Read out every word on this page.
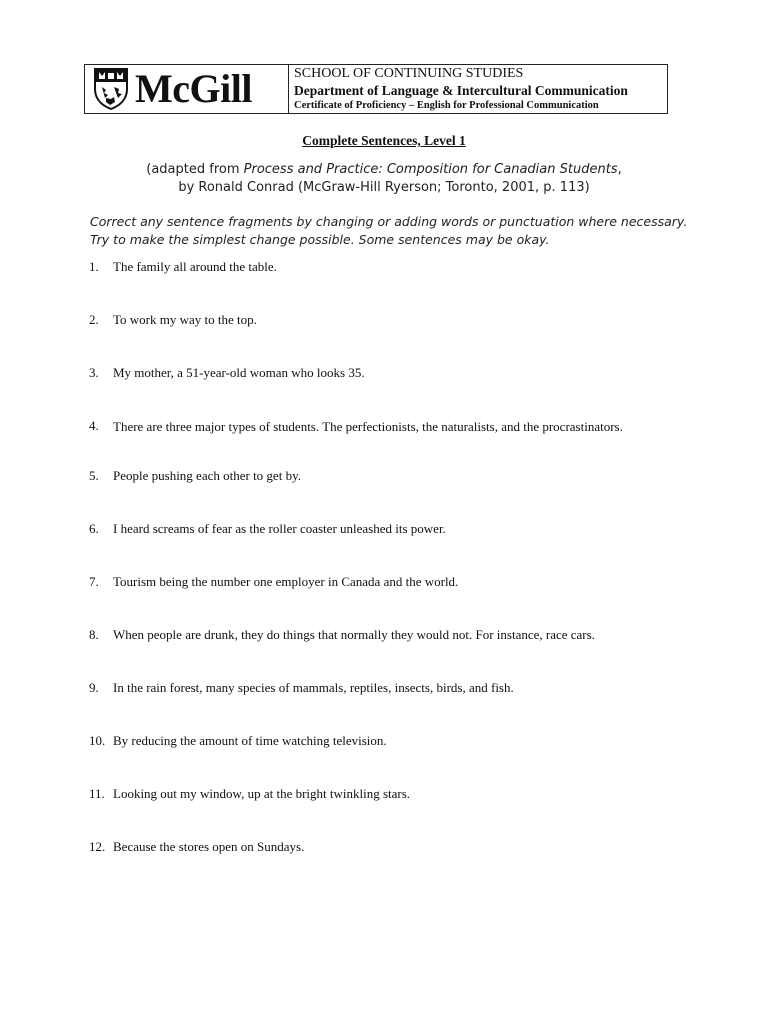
McGill	SCHOOL OF CONTINUING STUDIES
Department of Language & Intercultural Communication
Certificate of Proficiency – English for Professional Communication
Complete Sentences, Level 1
(adapted from Process and Practice: Composition for Canadian Students,
by Ronald Conrad (McGraw-Hill Ryerson; Toronto, 2001, p. 113)
Correct any sentence fragments by changing or adding words or punctuation where necessary.
Try to make the simplest change possible. Some sentences may be okay.
1.	The family all around the table.
2.	To work my way to the top.
3.	My mother, a 51-year-old woman who looks 35.
4.	There are three major types of students. The perfectionists, the naturalists, and the procrastinators.
5.	People pushing each other to get by.
6.	I heard screams of fear as the roller coaster unleashed its power.
7.	Tourism being the number one employer in Canada and the world.
8.	When people are drunk, they do things that normally they would not. For instance, race cars.
9.	In the rain forest, many species of mammals, reptiles, insects, birds, and fish.
10. By reducing the amount of time watching television.
11. Looking out my window, up at the bright twinkling stars.
12. Because the stores open on Sundays.
